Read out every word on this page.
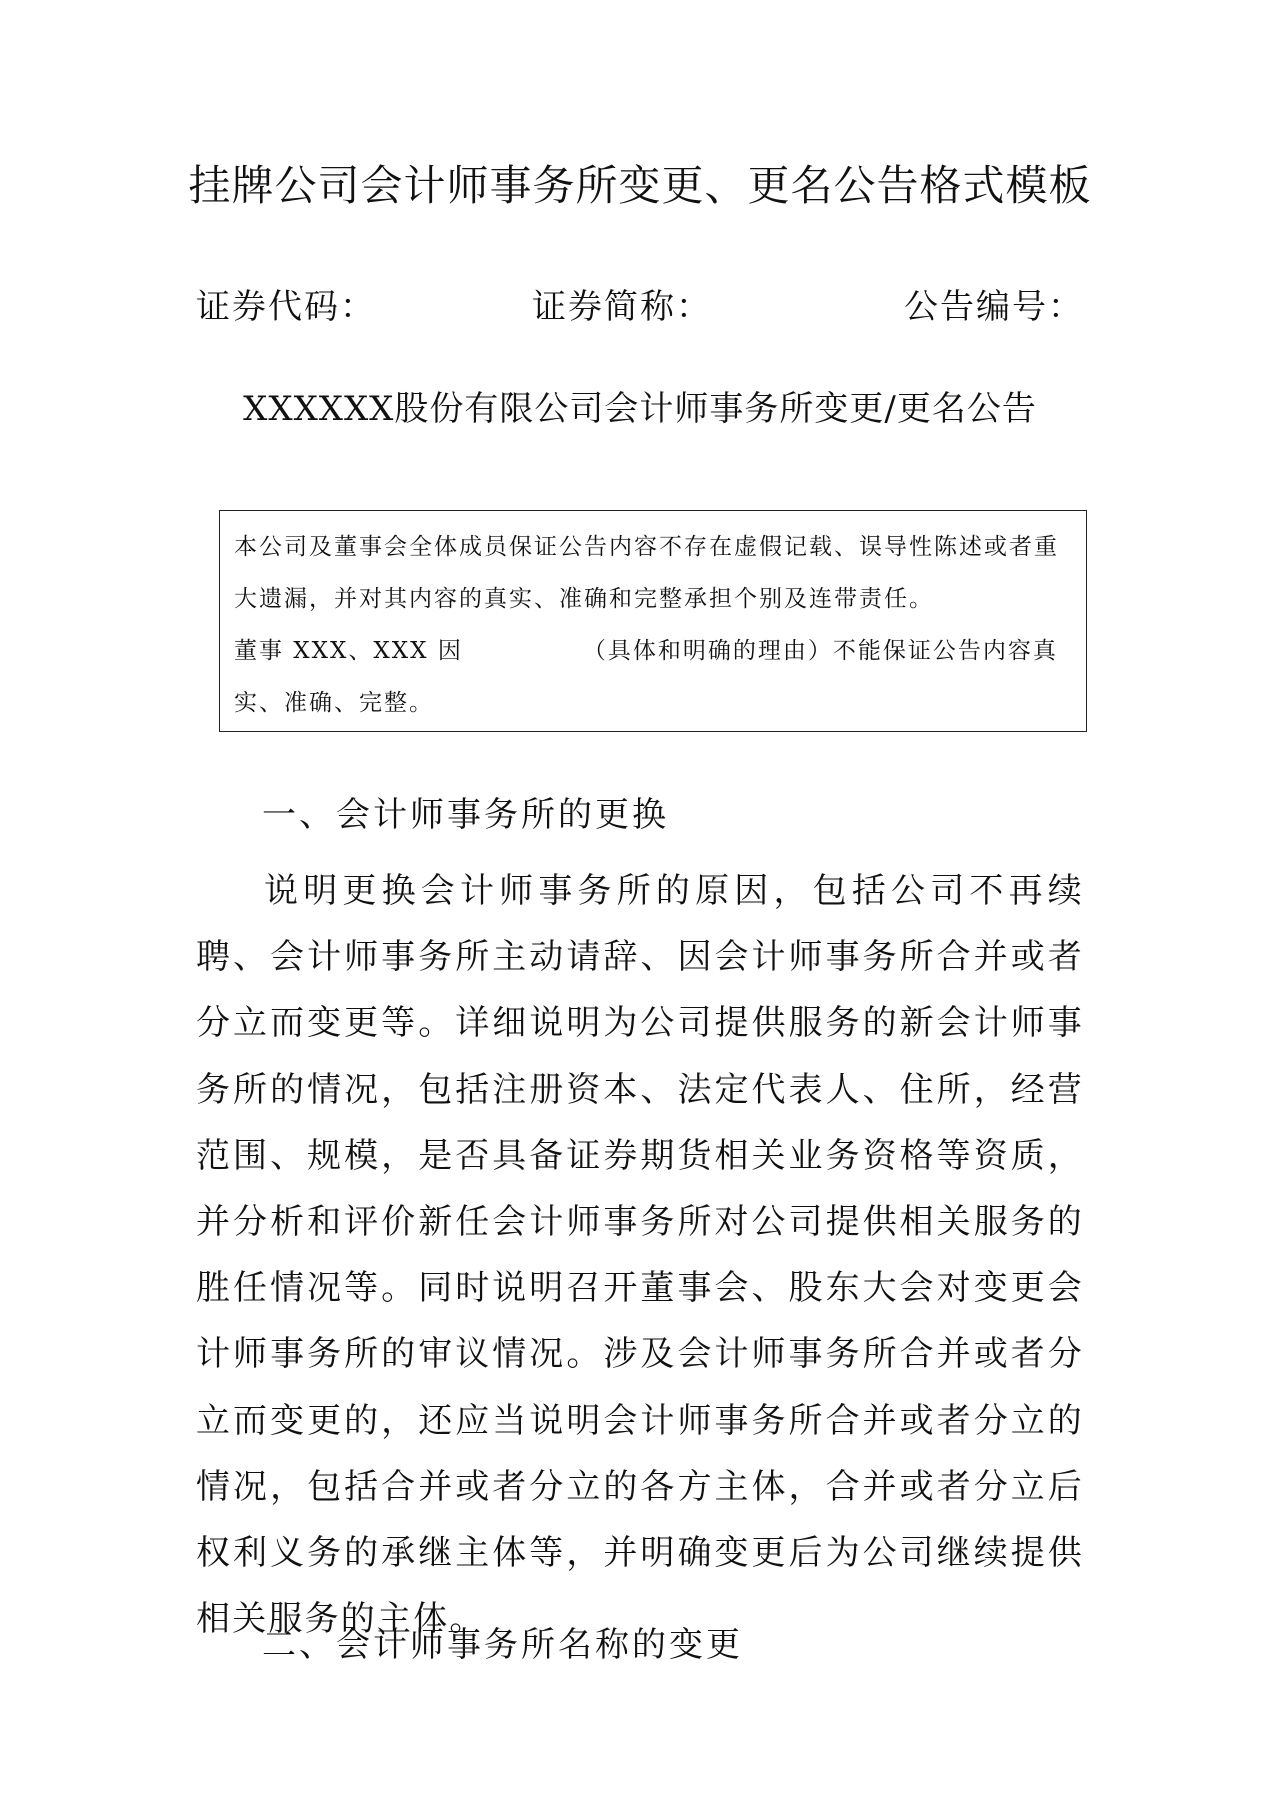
挂牌公司会计师事务所变更、更名公告格式模板
证券代码：	证券简称：	公告编号：
XXXXXX股份有限公司会计师事务所变更/更名公告

本公司及董事会全体成员保证公告内容不存在虚假记载、误导性陈述或者重大遗漏，并对其内容的真实、准确和完整承担个别及连带责任。

董事 XXX、XXX 因	（具体和明确的理由）不能保证公告内容真实、准确、完整。

一、会计师事务所的更换

说明更换会计师事务所的原因，包括公司不再续聘、会计师事务所主动请辞、因会计师事务所合并或者分立而变更等。详细说明为公司提供服务的新会计师事务所的情况，包括注册资本、法定代表人、住所，经营范围、规模，是否具备证券期货相关业务资格等资质，并分析和评价新任会计师事务所对公司提供相关服务的胜任情况等。同时说明召开董事会、股东大会对变更会计师事务所的审议情况。涉及会计师事务所合并或者分立而变更的，还应当说明会计师事务所合并或者分立的情况，包括合并或者分立的各方主体，合并或者分立后权利义务的承继主体等，并明确变更后为公司继续提供相关服务的主体。

二、会计师事务所名称的变更
